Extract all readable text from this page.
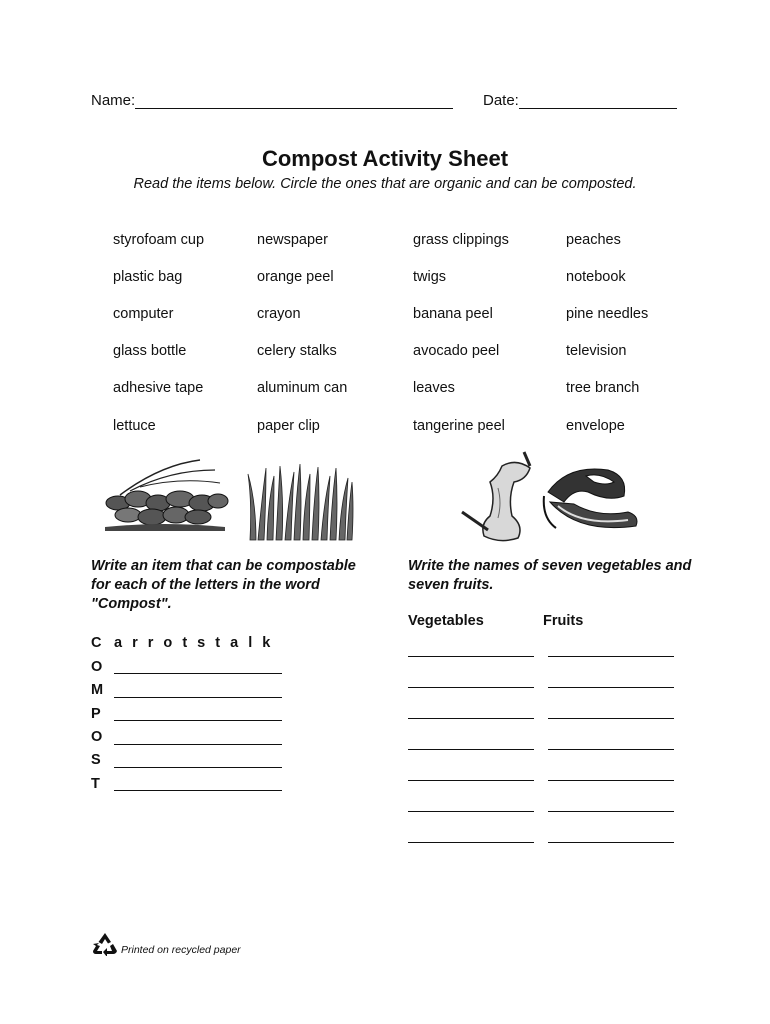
Name:	Date:
Compost Activity Sheet
Read the items below. Circle the ones that are organic and can be composted.
styrofoam cup	newspaper	grass clippings	peaches
plastic bag	orange peel	twigs	notebook
computer	crayon	banana peel	pine needles
glass bottle	celery stalks	avocado peel	television
adhesive tape	aluminum can	leaves	tree branch
lettuce	paper clip	tangerine peel	envelope
Write an item that can be compostable for each of the letters in the word "Compost".
C a r r o t s t a l k
O
M
P
O
S
T
Write the names of seven vegetables and seven fruits.
Vegetables	Fruits
Printed on recycled paper
